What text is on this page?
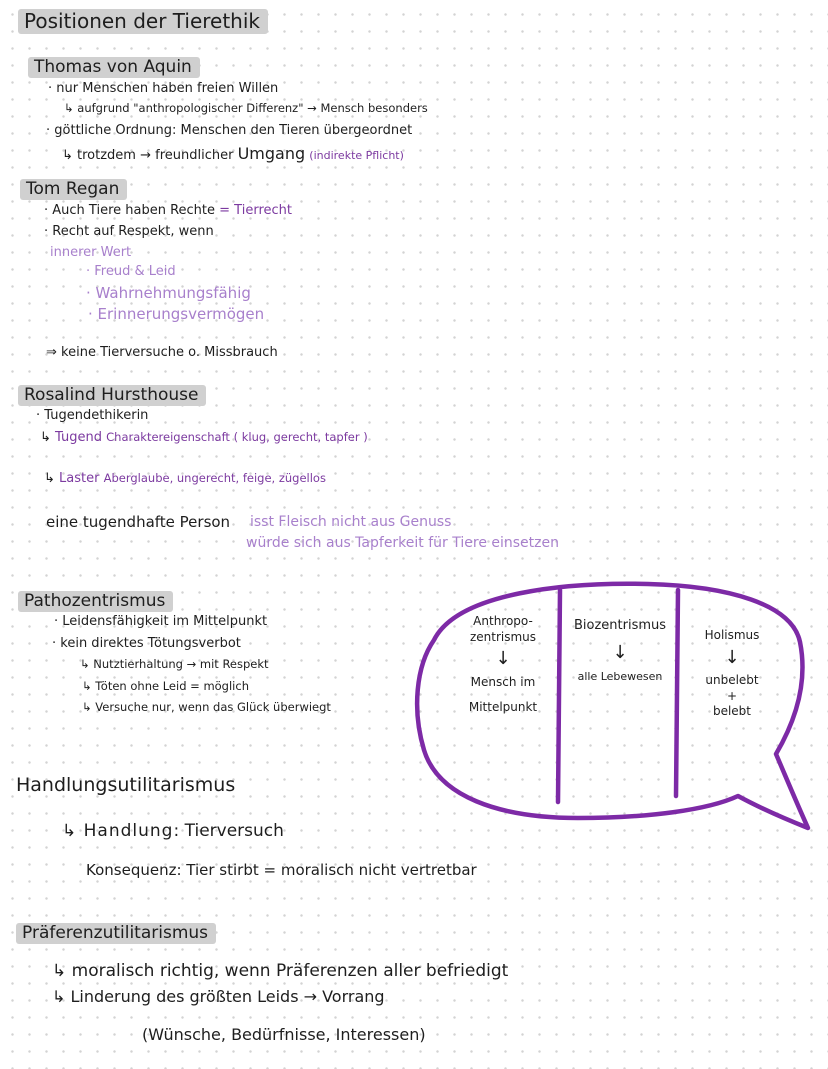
Positionen der Tierethik
Thomas von Aquin
· nur Menschen haben freien Willen
↳ aufgrund "anthropologischer Differenz" → Mensch besonders
· göttliche Ordnung: Menschen den Tieren übergeordnet
↳ trotzdem → freundlicher Umgang (indirekte Pflicht)
Tom Regan
· Auch Tiere haben Rechte = Tierrecht
· Recht auf Respekt, wenn
innerer Wert
· Freud & Leid
· Wahrnehmungsfähig
· Erinnerungsvermögen
⇒ keine Tierversuche o. Missbrauch
Rosalind Hursthouse
· Tugendethikerin
↳ Tugend Charaktereigenschaft ( klug, gerecht, tapfer )
↳ Laster Aberglaube, ungerecht, feige, zügellos
eine tugendhafte Person isst Fleisch nicht aus Genuss
würde sich aus Tapferkeit für Tiere einsetzen
Pathozentrismus
· Leidensfähigkeit im Mittelpunkt
· kein direktes Tötungsverbot
↳ Nutztierhaltung → mit Respekt
↳ Töten ohne Leid = möglich
↳ Versuche nur, wenn das Glück überwiegt
Anthropo-
zentrismus
↓
Mensch im
Mittelpunkt
Biozentrismus
↓
alle Lebewesen
Holismus
↓
unbelebt
+
belebt
Handlungsutilitarismus
↳ Handlung: Tierversuch
Konsequenz: Tier stirbt = moralisch nicht vertretbar
Präferenzutilitarismus
↳ moralisch richtig, wenn Präferenzen aller befriedigt
↳ Linderung des größten Leids → Vorrang
(Wünsche, Bedürfnisse, Interessen)
